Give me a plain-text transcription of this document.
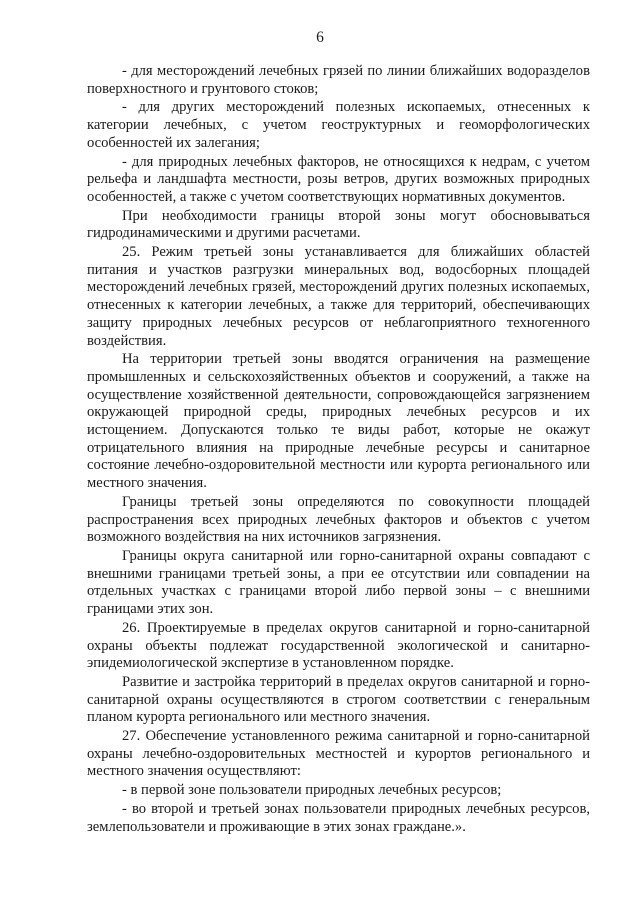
6

- для месторождений лечебных грязей по линии ближайших водоразделов поверхностного и грунтового стоков;

- для других месторождений полезных ископаемых, отнесенных к категории лечебных, с учетом геоструктурных и геоморфологических особенностей их залегания;

- для природных лечебных факторов, не относящихся к недрам, с учетом рельефа и ландшафта местности, розы ветров, других возможных природных особенностей, а также с учетом соответствующих нормативных документов.

При необходимости границы второй зоны могут обосновываться гидродинамическими и другими расчетами.

25. Режим третьей зоны устанавливается для ближайших областей питания и участков разгрузки минеральных вод, водосборных площадей месторождений лечебных грязей, месторождений других полезных ископаемых, отнесенных к категории лечебных, а также для территорий, обеспечивающих защиту природных лечебных ресурсов от неблагоприятного техногенного воздействия.

На территории третьей зоны вводятся ограничения на размещение промышленных и сельскохозяйственных объектов и сооружений, а также на осуществление хозяйственной деятельности, сопровождающейся загрязнением окружающей природной среды, природных лечебных ресурсов и их истощением. Допускаются только те виды работ, которые не окажут отрицательного влияния на природные лечебные ресурсы и санитарное состояние лечебно-оздоровительной местности или курорта регионального или местного значения.

Границы третьей зоны определяются по совокупности площадей распространения всех природных лечебных факторов и объектов с учетом возможного воздействия на них источников загрязнения.

Границы округа санитарной или горно-санитарной охраны совпадают с внешними границами третьей зоны, а при ее отсутствии или совпадении на отдельных участках с границами второй либо первой зоны – с внешними границами этих зон.

26. Проектируемые в пределах округов санитарной и горно-санитарной охраны объекты подлежат государственной экологической и санитарно-эпидемиологической экспертизе в установленном порядке.

Развитие и застройка территорий в пределах округов санитарной и горно-санитарной охраны осуществляются в строгом соответствии с генеральным планом курорта регионального или местного значения.

27. Обеспечение установленного режима санитарной и горно-санитарной охраны лечебно-оздоровительных местностей и курортов регионального и местного значения осуществляют:

- в первой зоне пользователи природных лечебных ресурсов;

- во второй и третьей зонах пользователи природных лечебных ресурсов, землепользователи и проживающие в этих зонах граждане.».
